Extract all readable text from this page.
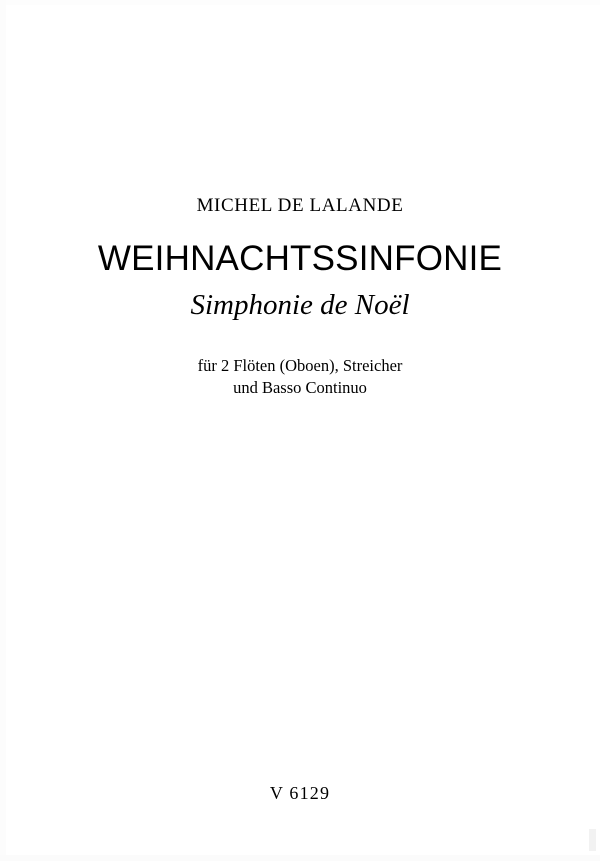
MICHEL DE LALANDE
WEIHNACHTSSINFONIE
Simphonie de Noël
für 2 Flöten (Oboen), Streicher
und Basso Continuo
V 6129
